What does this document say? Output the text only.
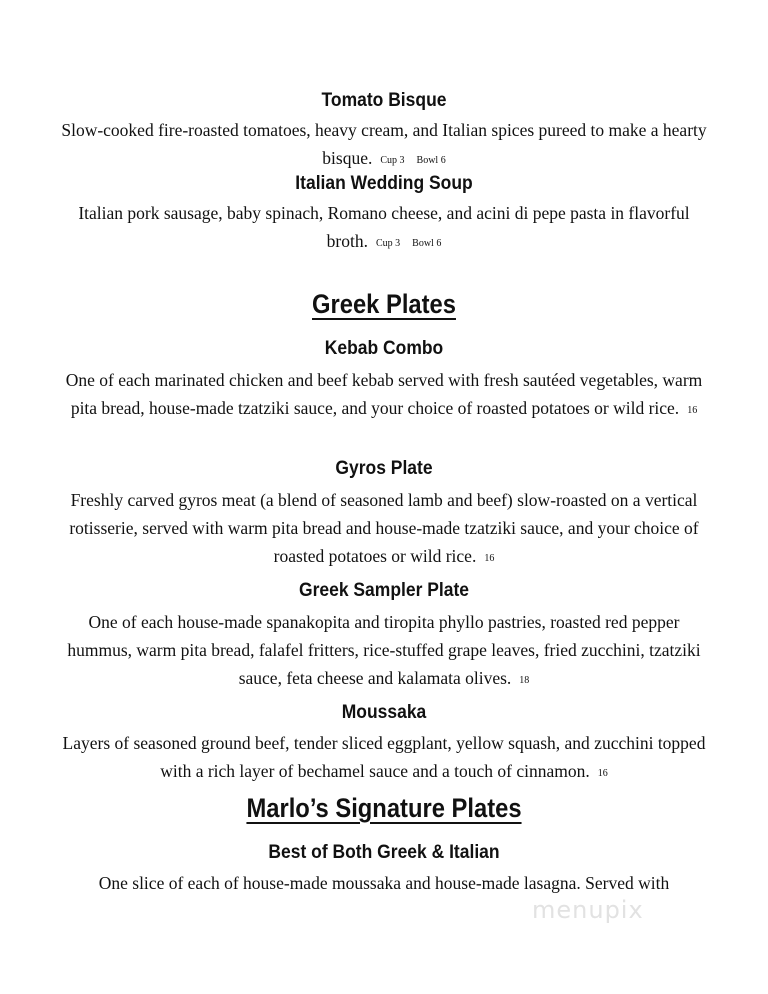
Tomato Bisque
Slow-cooked fire-roasted tomatoes, heavy cream, and Italian spices pureed to make a hearty bisque. Cup 3 Bowl 6
Italian Wedding Soup
Italian pork sausage, baby spinach, Romano cheese, and acini di pepe pasta in flavorful broth. Cup 3 Bowl 6
Greek Plates
Kebab Combo
One of each marinated chicken and beef kebab served with fresh sautéed vegetables, warm pita bread, house-made tzatziki sauce, and your choice of roasted potatoes or wild rice. 16
Gyros Plate
Freshly carved gyros meat (a blend of seasoned lamb and beef) slow-roasted on a vertical rotisserie, served with warm pita bread and house-made tzatziki sauce, and your choice of roasted potatoes or wild rice. 16
Greek Sampler Plate
One of each house-made spanakopita and tiropita phyllo pastries, roasted red pepper hummus, warm pita bread, falafel fritters, rice-stuffed grape leaves, fried zucchini, tzatziki sauce, feta cheese and kalamata olives. 18
Moussaka
Layers of seasoned ground beef, tender sliced eggplant, yellow squash, and zucchini topped with a rich layer of bechamel sauce and a touch of cinnamon. 16
Marlo’s Signature Plates
Best of Both Greek & Italian
One slice of each of house-made moussaka and house-made lasagna. Served with
menupix
